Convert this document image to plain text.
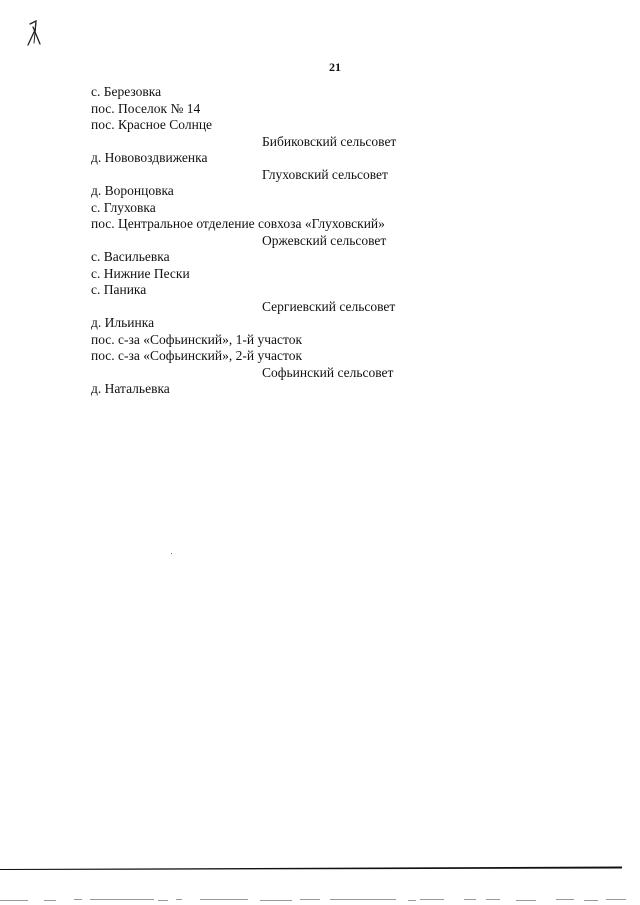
21
с. Березовка
пос. Поселок № 14
пос. Красное Солнце
Бибиковский сельсовет
д. Нововоздвиженка
Глуховский сельсовет
д. Воронцовка
с. Глуховка
пос. Центральное отделение совхоза «Глуховский»
Оржевский сельсовет
с. Васильевка
с. Нижние Пески
с. Паника
Сергиевский сельсовет
д. Ильинка
пос. с-за «Софьинский», 1-й участок
пос. с-за «Софьинский», 2-й участок
Софьинский сельсовет
д. Натальевка
